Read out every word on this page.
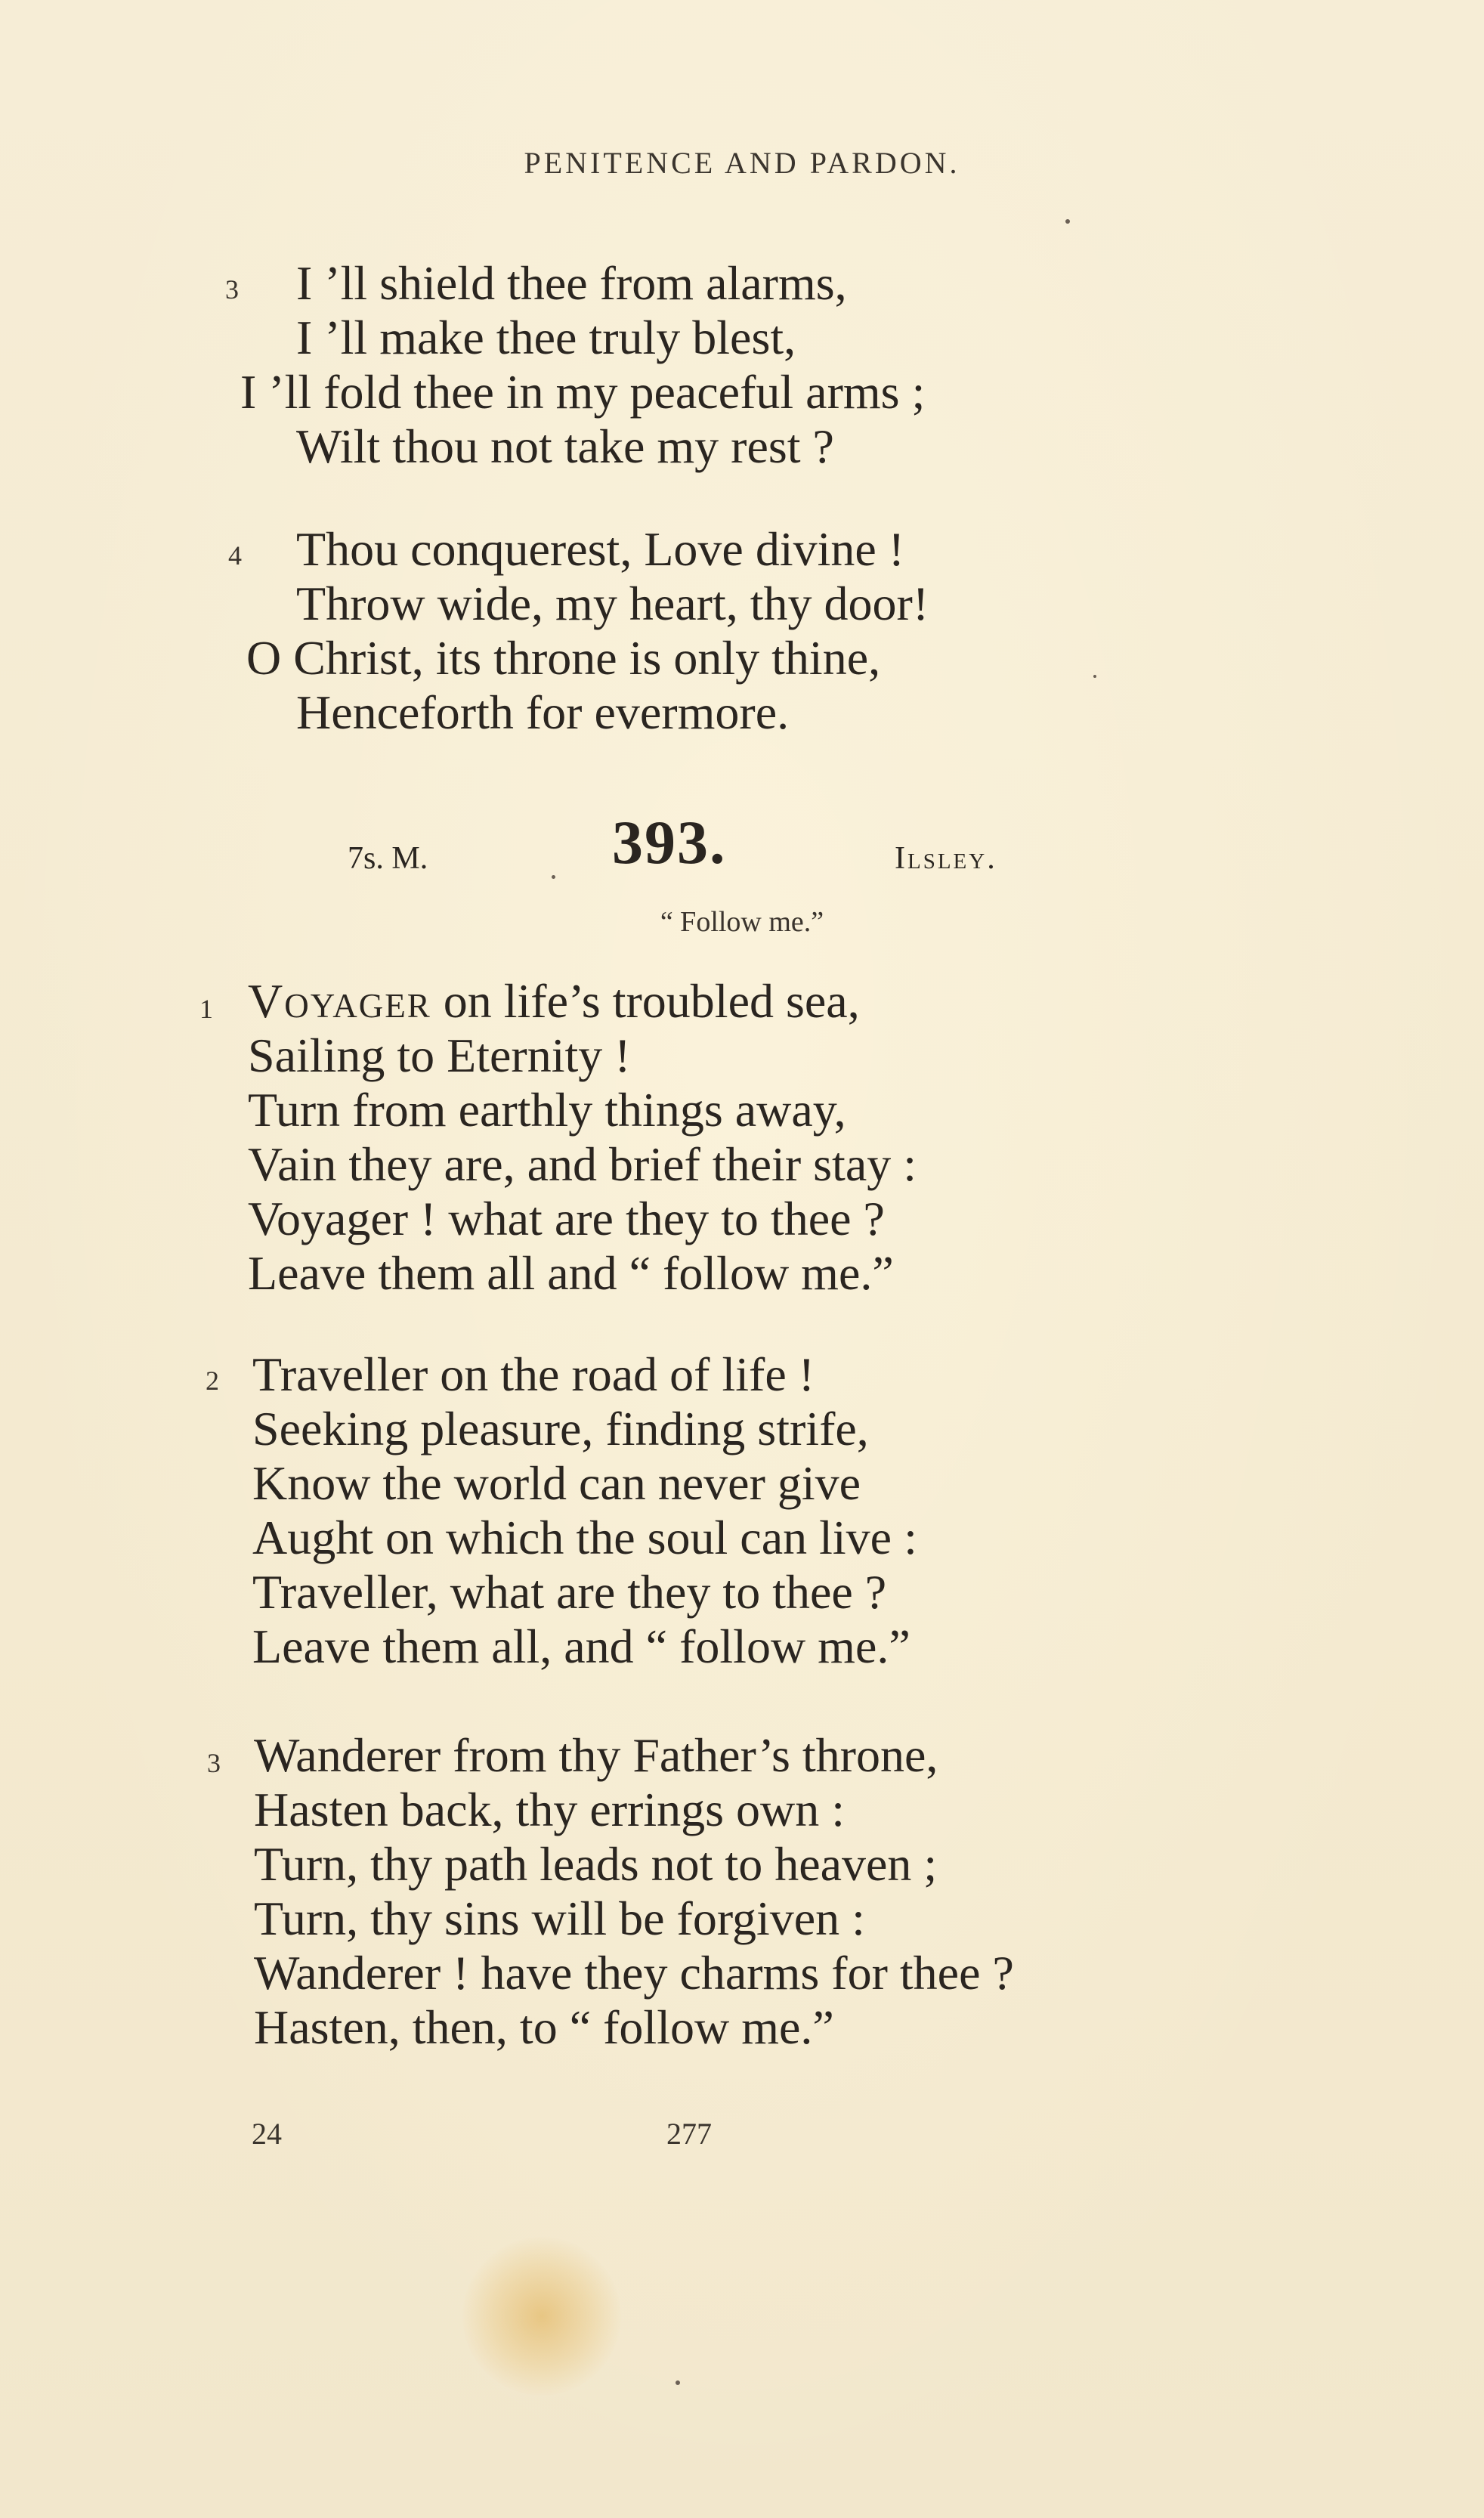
PENITENCE AND PARDON.
3 I ’ll shield thee from alarms,
I ’ll make thee truly blest,
I ’ll fold thee in my peaceful arms ;
Wilt thou not take my rest ?
4 Thou conquerest, Love divine !
Throw wide, my heart, thy door!
O Christ, its throne is only thine,
Henceforth for evermore.
7s. M.	393.	Ilsley.
“ Follow me.”
1 Voyager on life’s troubled sea,
Sailing to Eternity !
Turn from earthly things away,
Vain they are, and brief their stay :
Voyager ! what are they to thee ?
Leave them all and “ follow me.”
2 Traveller on the road of life !
Seeking pleasure, finding strife,
Know the world can never give
Aught on which the soul can live :
Traveller, what are they to thee ?
Leave them all, and “ follow me.”
3 Wanderer from thy Father’s throne,
Hasten back, thy errings own :
Turn, thy path leads not to heaven ;
Turn, thy sins will be forgiven :
Wanderer ! have they charms for thee ?
Hasten, then, to “ follow me.”
24	277
